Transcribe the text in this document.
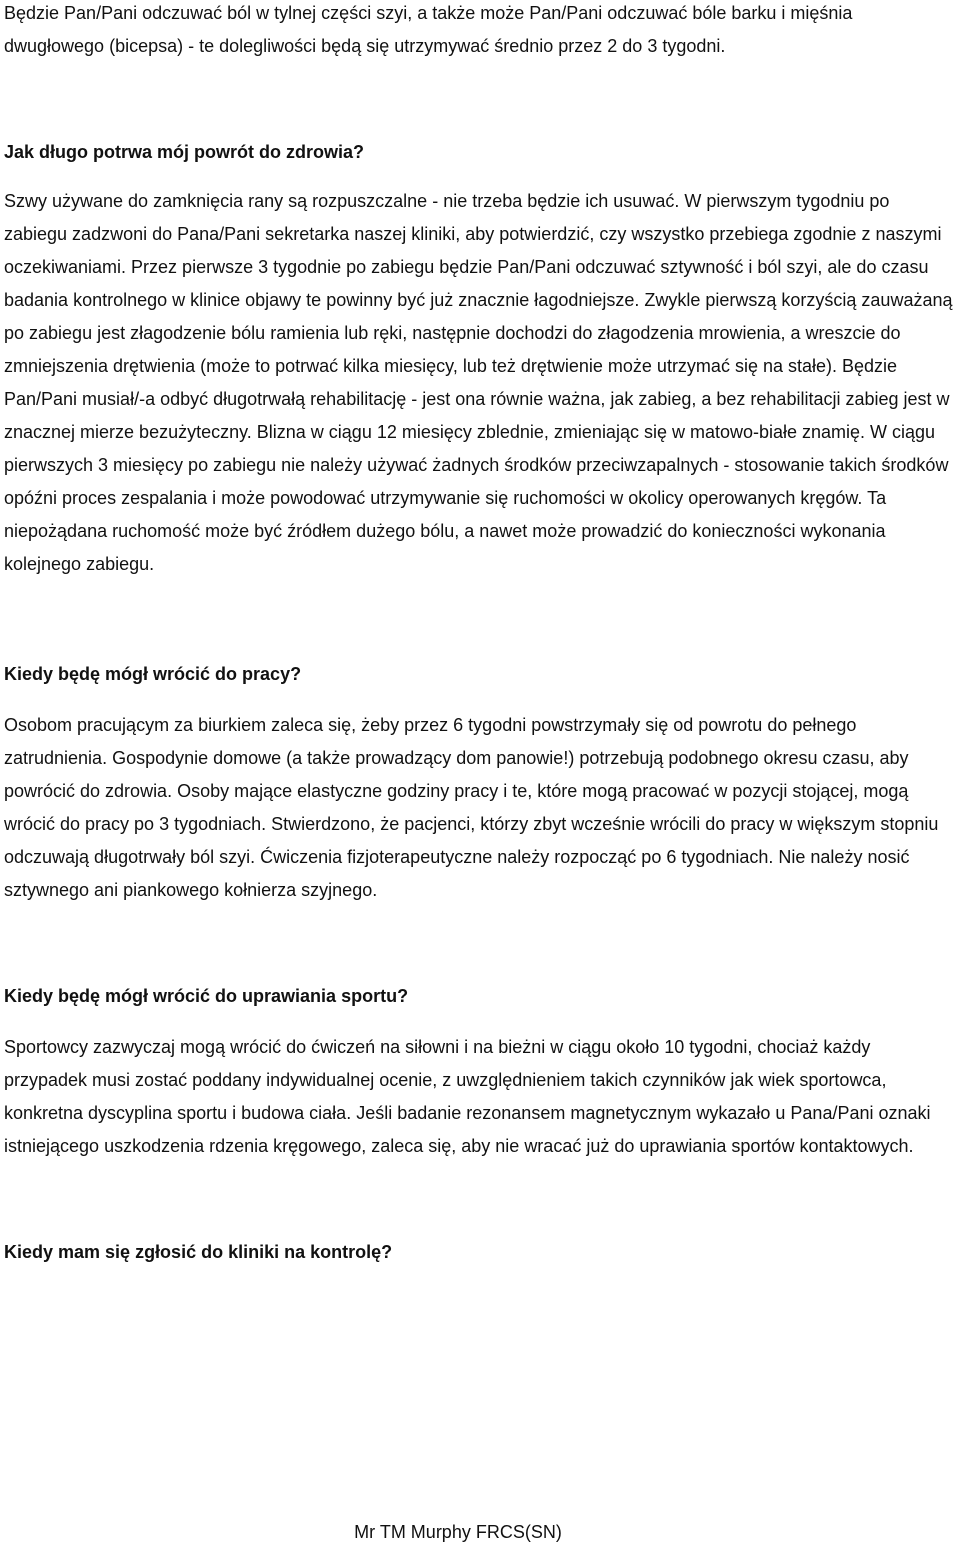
Będzie Pan/Pani odczuwać ból w tylnej części szyi, a także może Pan/Pani odczuwać bóle barku i mięśnia dwugłowego (bicepsa) - te dolegliwości będą się utrzymywać średnio przez 2 do 3 tygodni.

Jak długo potrwa mój powrót do zdrowia?

Szwy używane do zamknięcia rany są rozpuszczalne - nie trzeba będzie ich usuwać. W pierwszym tygodniu po zabiegu zadzwoni do Pana/Pani sekretarka naszej kliniki, aby potwierdzić, czy wszystko przebiega zgodnie z naszymi oczekiwaniami. Przez pierwsze 3 tygodnie po zabiegu będzie Pan/Pani odczuwać sztywność i ból szyi, ale do czasu badania kontrolnego w klinice objawy te powinny być już znacznie łagodniejsze. Zwykle pierwszą korzyścią zauważaną po zabiegu jest złagodzenie bólu ramienia lub ręki, następnie dochodzi do złagodzenia mrowienia, a wreszcie do zmniejszenia drętwienia (może to potrwać kilka miesięcy, lub też drętwienie może utrzymać się na stałe). Będzie Pan/Pani musiał/-a odbyć długotrwałą rehabilitację - jest ona równie ważna, jak zabieg, a bez rehabilitacji zabieg jest w znacznej mierze bezużyteczny. Blizna w ciągu 12 miesięcy zblednie, zmieniając się w matowo-białe znamię. W ciągu pierwszych 3 miesięcy po zabiegu nie należy używać żadnych środków przeciwzapalnych - stosowanie takich środków opóźni proces zespalania i może powodować utrzymywanie się ruchomości w okolicy operowanych kręgów. Ta niepożądana ruchomość może być źródłem dużego bólu, a nawet może prowadzić do konieczności wykonania kolejnego zabiegu.

Kiedy będę mógł wrócić do pracy?

Osobom pracującym za biurkiem zaleca się, żeby przez 6 tygodni powstrzymały się od powrotu do pełnego zatrudnienia. Gospodynie domowe (a także prowadzący dom panowie!) potrzebują podobnego okresu czasu, aby powrócić do zdrowia. Osoby mające elastyczne godziny pracy i te, które mogą pracować w pozycji stojącej, mogą wrócić do pracy po 3 tygodniach. Stwierdzono, że pacjenci, którzy zbyt wcześnie wrócili do pracy w większym stopniu odczuwają długotrwały ból szyi. Ćwiczenia fizjoterapeutyczne należy rozpocząć po 6 tygodniach. Nie należy nosić sztywnego ani piankowego kołnierza szyjnego.

Kiedy będę mógł wrócić do uprawiania sportu?

Sportowcy zazwyczaj mogą wrócić do ćwiczeń na siłowni i na bieżni w ciągu około 10 tygodni, chociaż każdy przypadek musi zostać poddany indywidualnej ocenie, z uwzględnieniem takich czynników jak wiek sportowca, konkretna dyscyplina sportu i budowa ciała. Jeśli badanie rezonansem magnetycznym wykazało u Pana/Pani oznaki istniejącego uszkodzenia rdzenia kręgowego, zaleca się, aby nie wracać już do uprawiania sportów kontaktowych.

Kiedy mam się zgłosić do kliniki na kontrolę?
Mr TM Murphy FRCS(SN)
